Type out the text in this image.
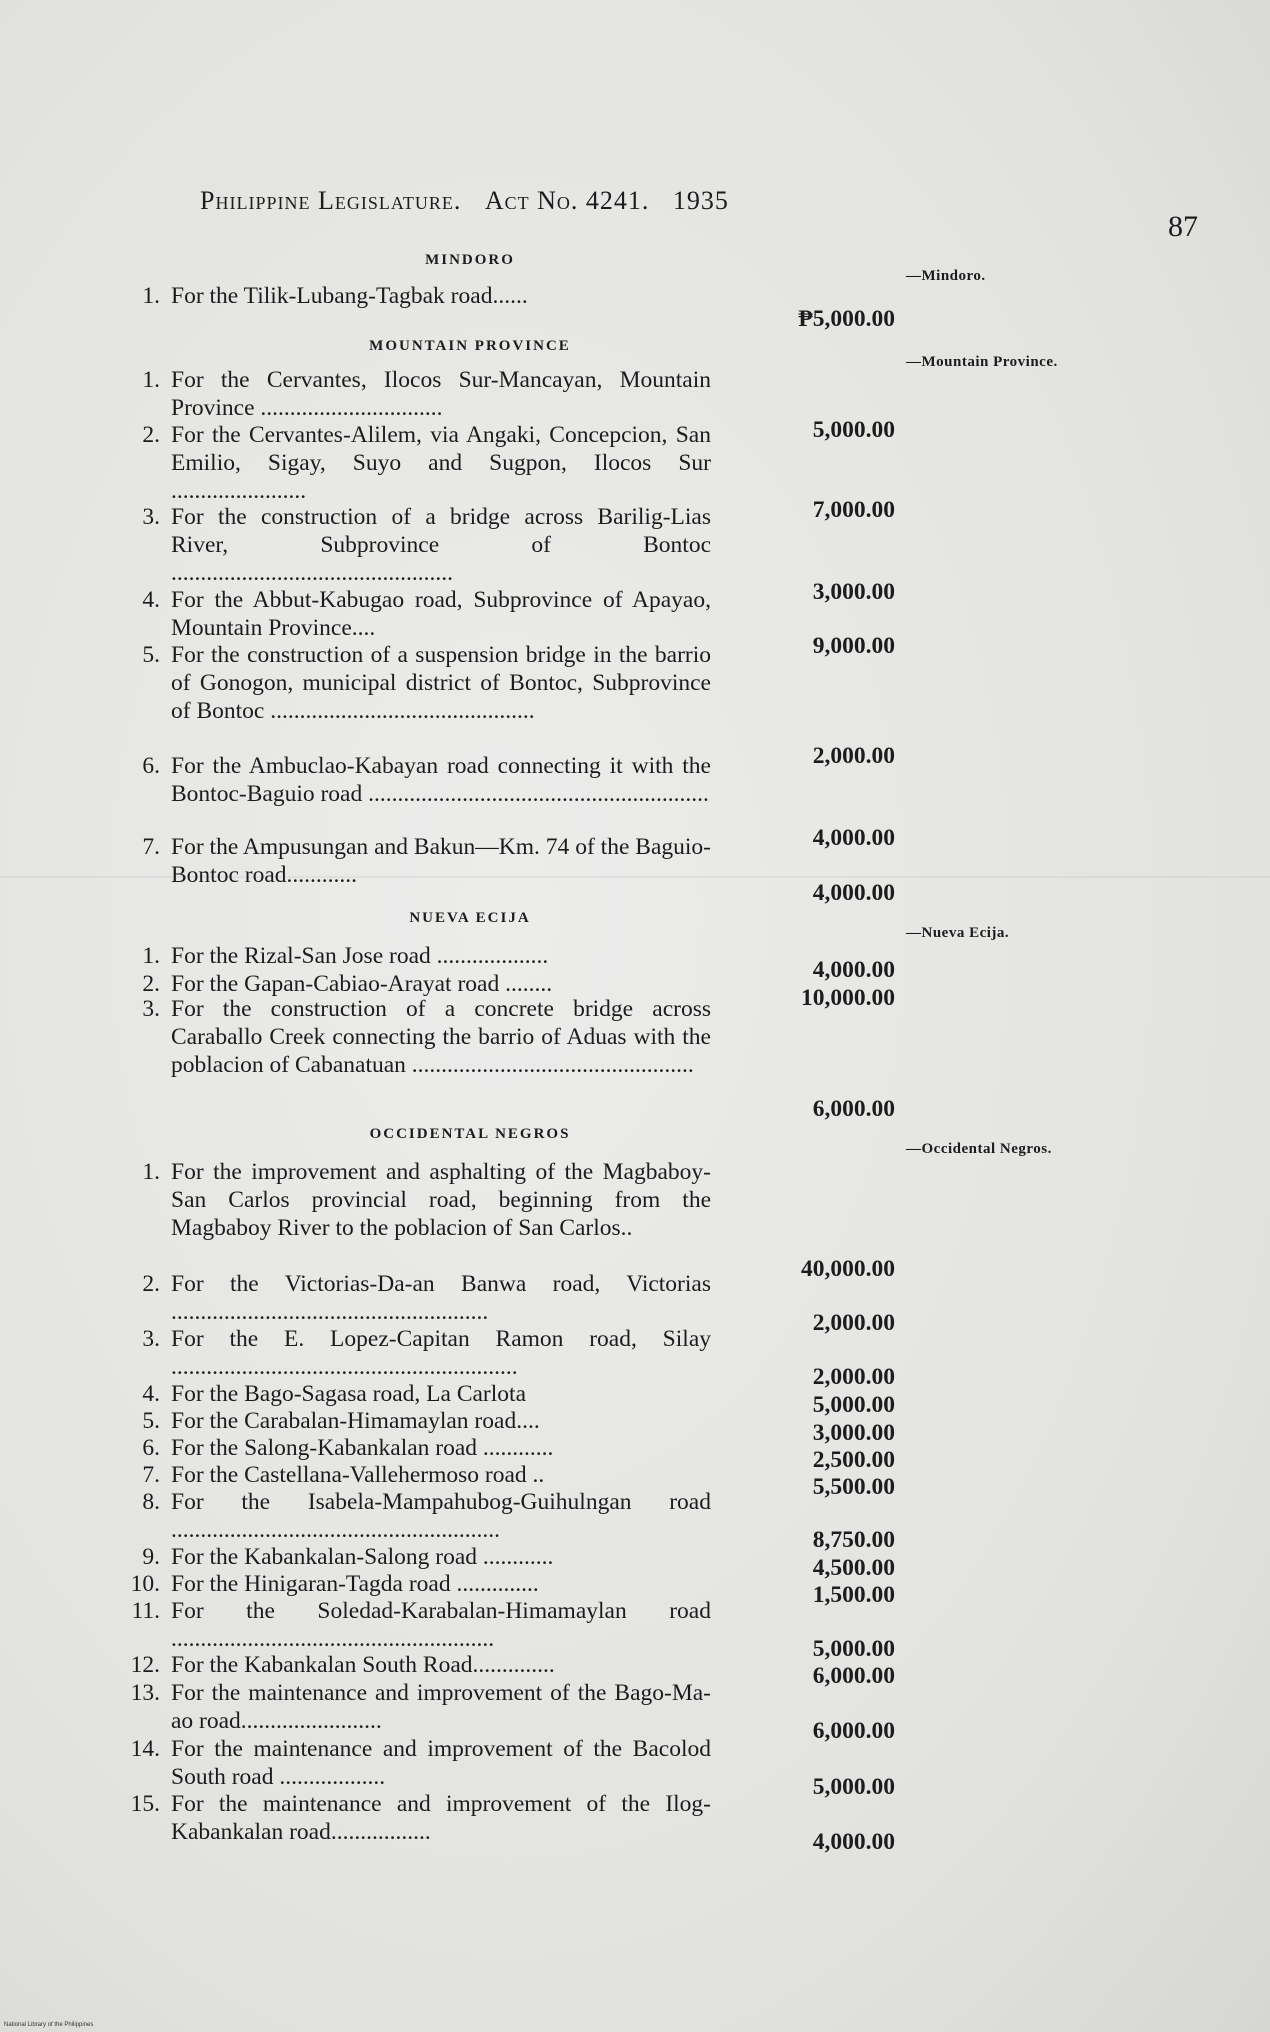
Philippine Legislature. Act No. 4241. 1935
87
National Library of the Philippines
MINDORO
—Mindoro.
1. For the Tilik-Lubang-Tagbak road......
₱5,000.00
MOUNTAIN PROVINCE
—Mountain Province.
1. For the Cervantes, Ilocos Sur-Mancayan, Mountain Province ...............................
5,000.00
2. For the Cervantes-Alilem, via Angaki, Concepcion, San Emilio, Sigay, Suyo and Sugpon, Ilocos Sur .......................
7,000.00
3. For the construction of a bridge across Barilig-Lias River, Subprovince of Bontoc ................................................
3,000.00
4. For the Abbut-Kabugao road, Subprovince of Apayao, Mountain Province....
9,000.00
5. For the construction of a suspension bridge in the barrio of Gonogon, municipal district of Bontoc, Subprovince of Bontoc .............................................
2,000.00
6. For the Ambuclao-Kabayan road connecting it with the Bontoc-Baguio road ..........................................................
4,000.00
7. For the Ampusungan and Bakun—Km. 74 of the Baguio-Bontoc road............
4,000.00
NUEVA ECIJA
—Nueva Ecija.
1. For the Rizal-San Jose road ...................
4,000.00
2. For the Gapan-Cabiao-Arayat road ........
10,000.00
3. For the construction of a concrete bridge across Caraballo Creek connecting the barrio of Aduas with the poblacion of Cabanatuan ................................................
6,000.00
OCCIDENTAL NEGROS
—Occidental Negros.
1. For the improvement and asphalting of the Magbaboy-San Carlos provincial road, beginning from the Magbaboy River to the poblacion of San Carlos..
40,000.00
2. For the Victorias-Da-an Banwa road, Victorias ......................................................	2,000.00
3. For the E. Lopez-Capitan Ramon road, Silay ...........................................................	2,000.00
4. For the Bago-Sagasa road, La Carlota	5,000.00
5. For the Carabalan-Himamaylan road....	3,000.00
6. For the Salong-Kabankalan road ............	2,500.00
7. For the Castellana-Vallehermoso road ..	5,500.00
8. For the Isabela-Mampahubog-Guihulngan road ........................................................	8,750.00
9. For the Kabankalan-Salong road ............	4,500.00
10. For the Hinigaran-Tagda road ..............	1,500.00
11. For the Soledad-Karabalan-Himamaylan road .......................................................	5,000.00
12. For the Kabankalan South Road..............	6,000.00
13. For the maintenance and improvement of the Bago-Ma-ao road........................	6,000.00
14. For the maintenance and improvement of the Bacolod South road ..................	5,000.00
15. For the maintenance and improvement of the Ilog-Kabankalan road.................	4,000.00
